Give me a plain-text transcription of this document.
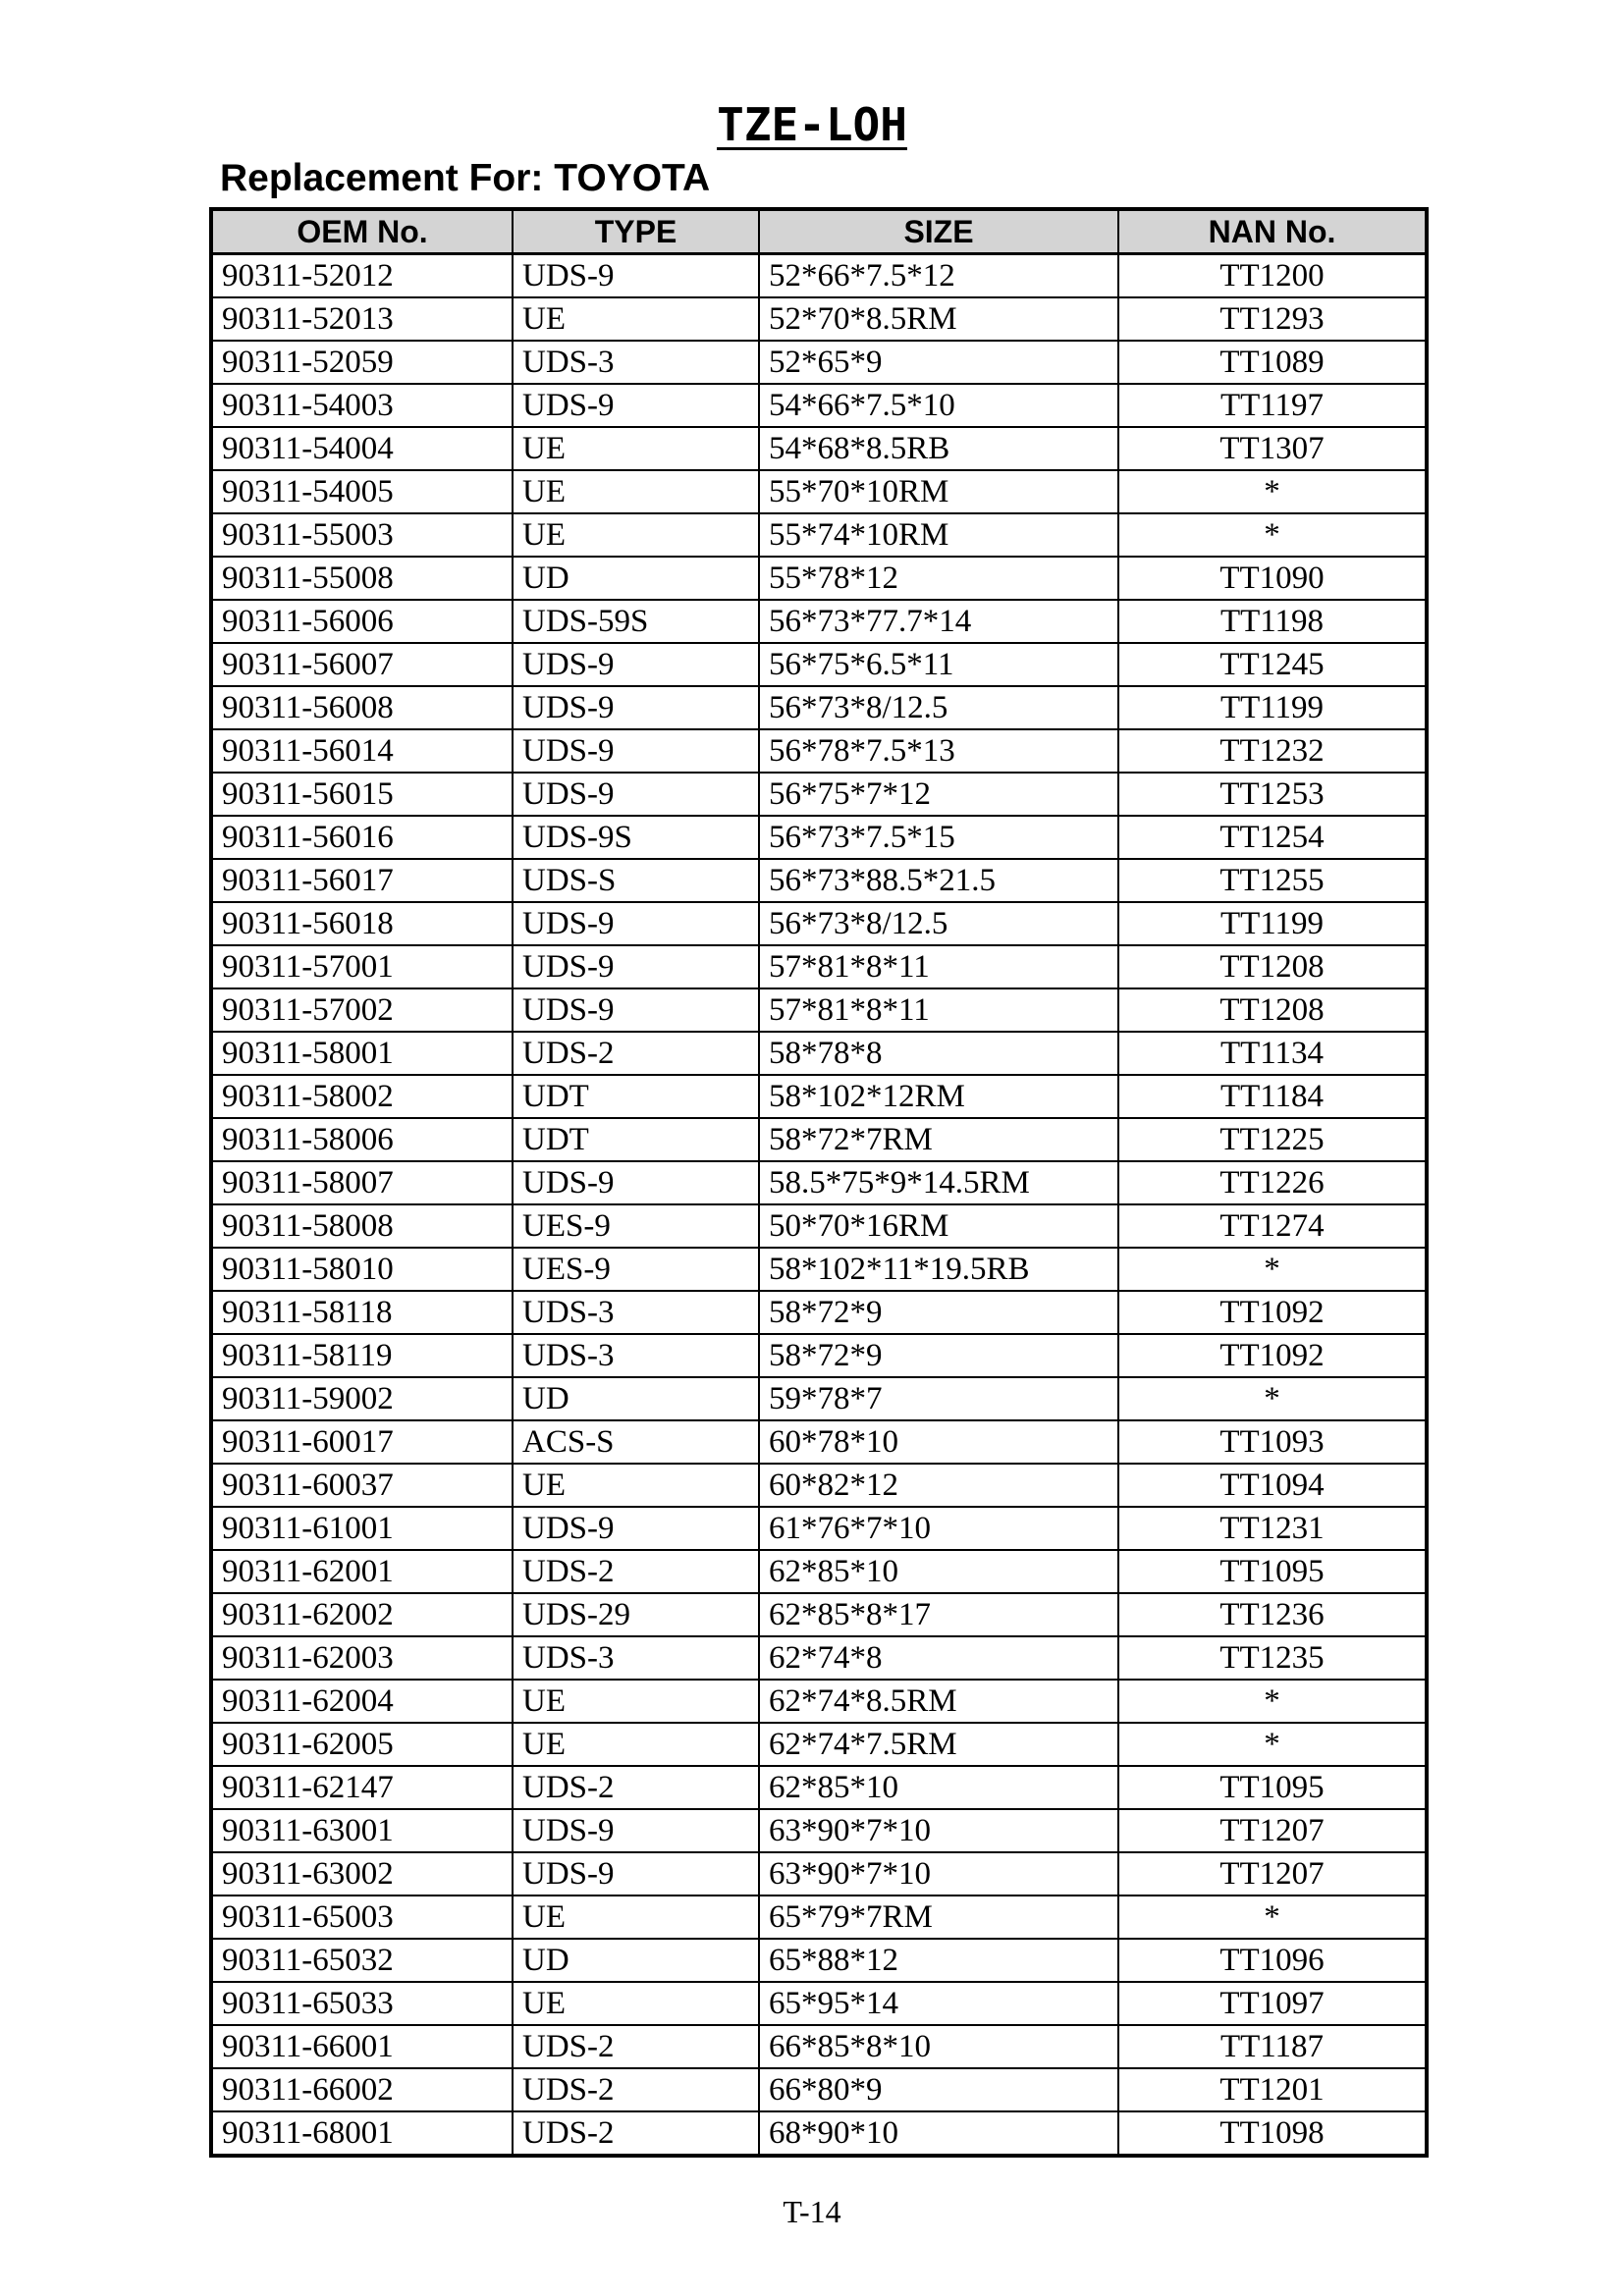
TZE-LOH
Replacement For: TOYOTA
OEM No.	TYPE	SIZE	NAN No.
90311-52012	UDS-9	52*66*7.5*12	TT1200
90311-52013	UE	52*70*8.5RM	TT1293
90311-52059	UDS-3	52*65*9	TT1089
90311-54003	UDS-9	54*66*7.5*10	TT1197
90311-54004	UE	54*68*8.5RB	TT1307
90311-54005	UE	55*70*10RM	*
90311-55003	UE	55*74*10RM	*
90311-55008	UD	55*78*12	TT1090
90311-56006	UDS-59S	56*73*77.7*14	TT1198
90311-56007	UDS-9	56*75*6.5*11	TT1245
90311-56008	UDS-9	56*73*8/12.5	TT1199
90311-56014	UDS-9	56*78*7.5*13	TT1232
90311-56015	UDS-9	56*75*7*12	TT1253
90311-56016	UDS-9S	56*73*7.5*15	TT1254
90311-56017	UDS-S	56*73*88.5*21.5	TT1255
90311-56018	UDS-9	56*73*8/12.5	TT1199
90311-57001	UDS-9	57*81*8*11	TT1208
90311-57002	UDS-9	57*81*8*11	TT1208
90311-58001	UDS-2	58*78*8	TT1134
90311-58002	UDT	58*102*12RM	TT1184
90311-58006	UDT	58*72*7RM	TT1225
90311-58007	UDS-9	58.5*75*9*14.5RM	TT1226
90311-58008	UES-9	50*70*16RM	TT1274
90311-58010	UES-9	58*102*11*19.5RB	*
90311-58118	UDS-3	58*72*9	TT1092
90311-58119	UDS-3	58*72*9	TT1092
90311-59002	UD	59*78*7	*
90311-60017	ACS-S	60*78*10	TT1093
90311-60037	UE	60*82*12	TT1094
90311-61001	UDS-9	61*76*7*10	TT1231
90311-62001	UDS-2	62*85*10	TT1095
90311-62002	UDS-29	62*85*8*17	TT1236
90311-62003	UDS-3	62*74*8	TT1235
90311-62004	UE	62*74*8.5RM	*
90311-62005	UE	62*74*7.5RM	*
90311-62147	UDS-2	62*85*10	TT1095
90311-63001	UDS-9	63*90*7*10	TT1207
90311-63002	UDS-9	63*90*7*10	TT1207
90311-65003	UE	65*79*7RM	*
90311-65032	UD	65*88*12	TT1096
90311-65033	UE	65*95*14	TT1097
90311-66001	UDS-2	66*85*8*10	TT1187
90311-66002	UDS-2	66*80*9	TT1201
90311-68001	UDS-2	68*90*10	TT1098
T-14
